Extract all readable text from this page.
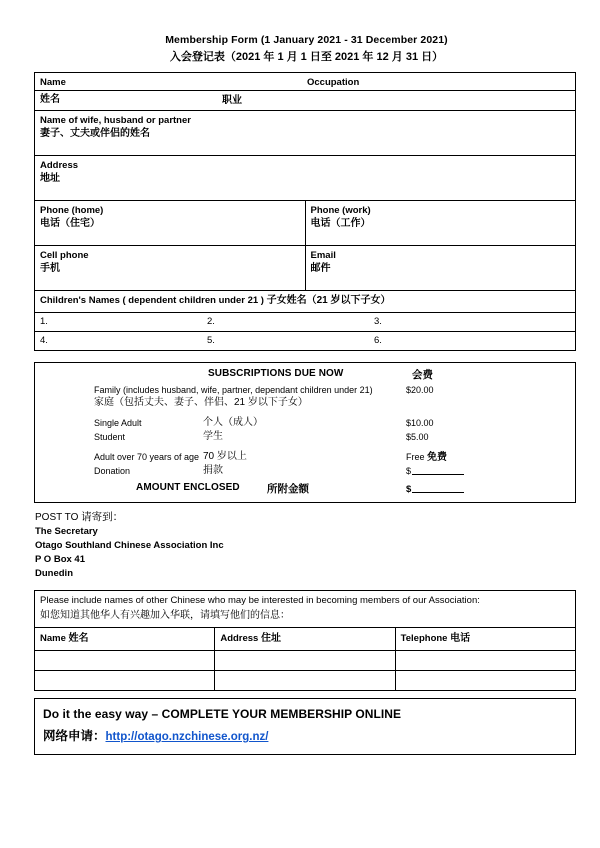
Membership Form (1 January 2021 - 31 December 2021)
入会登记表（2021 年 1 月 1 日至 2021 年 12 月 31 日）
Name Occupation	

姓名 职业	

Name of wife, husband or partner
妻子、丈夫或伴侣的姓名	

Address
地址	

Phone (home)
电话（住宅）

Phone (work)
电话（工作）

Cell phone
手机

Email
邮件

Children's Names ( dependent children under 21 ) 子女姓名（21 岁以下子女）	

1. 2. 3.	

4. 5. 6.	
SUBSCRIPTIONS DUE NOW	会费
Family (includes husband, wife, partner, dependant children under 21)	$20.00
家庭（包括丈夫、妻子、伴侣、21 岁以下子女）
Single Adult	个人（成人）	$10.00
Student	学生	$5.00
Adult over 70 years of age 70 岁以上	Free 免费
Donation	捐款	$
AMOUNT ENCLOSED	所附金额	$
POST TO 请寄到：
The Secretary
Otago Southland Chinese Association Inc
P O Box 41
Dunedin
Please include names of other Chinese who may be interested in becoming members of our Association:
如您知道其他华人有兴趣加入华联，请填写他们的信息：		

Name 姓名	Address 住址	Telephone 电话

Do it the easy way – COMPLETE YOUR MEMBERSHIP ONLINE
网络申请：http://otago.nzchinese.org.nz/
